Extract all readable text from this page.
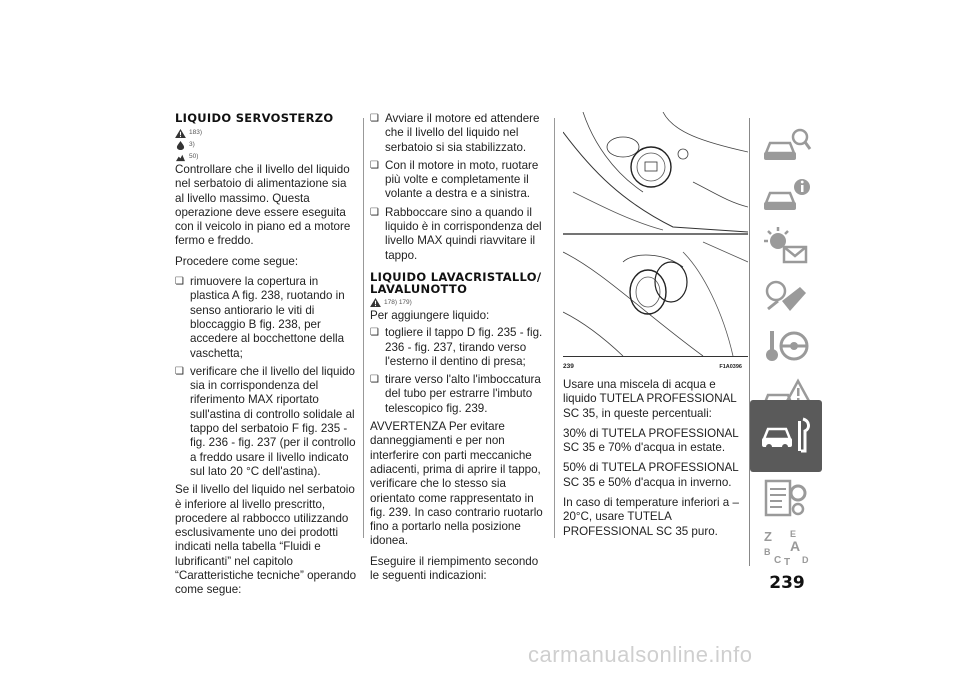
LIQUIDO SERVOSTERZO
183)
3)
50)

Controllare che il livello del liquido nel serbatoio di alimentazione sia al livello massimo. Questa operazione deve essere eseguita con il veicolo in piano ed a motore fermo e freddo.

Procedere come segue:

❏ rimuovere la copertura in plastica A fig. 238, ruotando in senso antiorario le viti di bloccaggio B fig. 238, per accedere al bocchettone della vaschetta;
❏ verificare che il livello del liquido sia in corrispondenza del riferimento MAX riportato sull'astina di controllo solidale al tappo del serbatoio F fig. 235 - fig. 236 - fig. 237 (per il controllo a freddo usare il livello indicato sul lato 20 °C dell'astina).

Se il livello del liquido nel serbatoio è inferiore al livello prescritto, procedere al rabbocco utilizzando esclusivamente uno dei prodotti indicati nella tabella “Fluidi e lubrificanti” nel capitolo “Caratteristiche tecniche” operando come segue:

❏ Avviare il motore ed attendere che il livello del liquido nel serbatoio si sia stabilizzato.
❏ Con il motore in moto, ruotare più volte e completamente il volante a destra e a sinistra.
❏ Rabboccare sino a quando il liquido è in corrispondenza del livello MAX quindi riavvitare il tappo.
LIQUIDO LAVACRISTALLO/ LAVALUNOTTO
178) 179)

Per aggiungere liquido:

❏ togliere il tappo D fig. 235 - fig. 236 - fig. 237, tirando verso l'esterno il dentino di presa;
❏ tirare verso l'alto l'imboccatura del tubo per estrarre l'imbuto telescopico fig. 239.

AVVERTENZA Per evitare danneggiamenti e per non interferire con parti meccaniche adiacenti, prima di aprire il tappo, verificare che lo stesso sia orientato come rappresentato in fig. 239. In caso contrario ruotarlo fino a portarlo nella posizione idonea.

Eseguire il riempimento secondo le seguenti indicazioni:

239	F1A0396

Usare una miscela di acqua e liquido TUTELA PROFESSIONAL SC 35, in queste percentuali:

30% di TUTELA PROFESSIONAL SC 35 e 70% d'acqua in estate.

50% di TUTELA PROFESSIONAL SC 35 e 50% d'acqua in inverno.

In caso di temperature inferiori a –20°C, usare TUTELA PROFESSIONAL SC 35 puro.	Z E
B A
C T D
239
carmanualsonline.info
